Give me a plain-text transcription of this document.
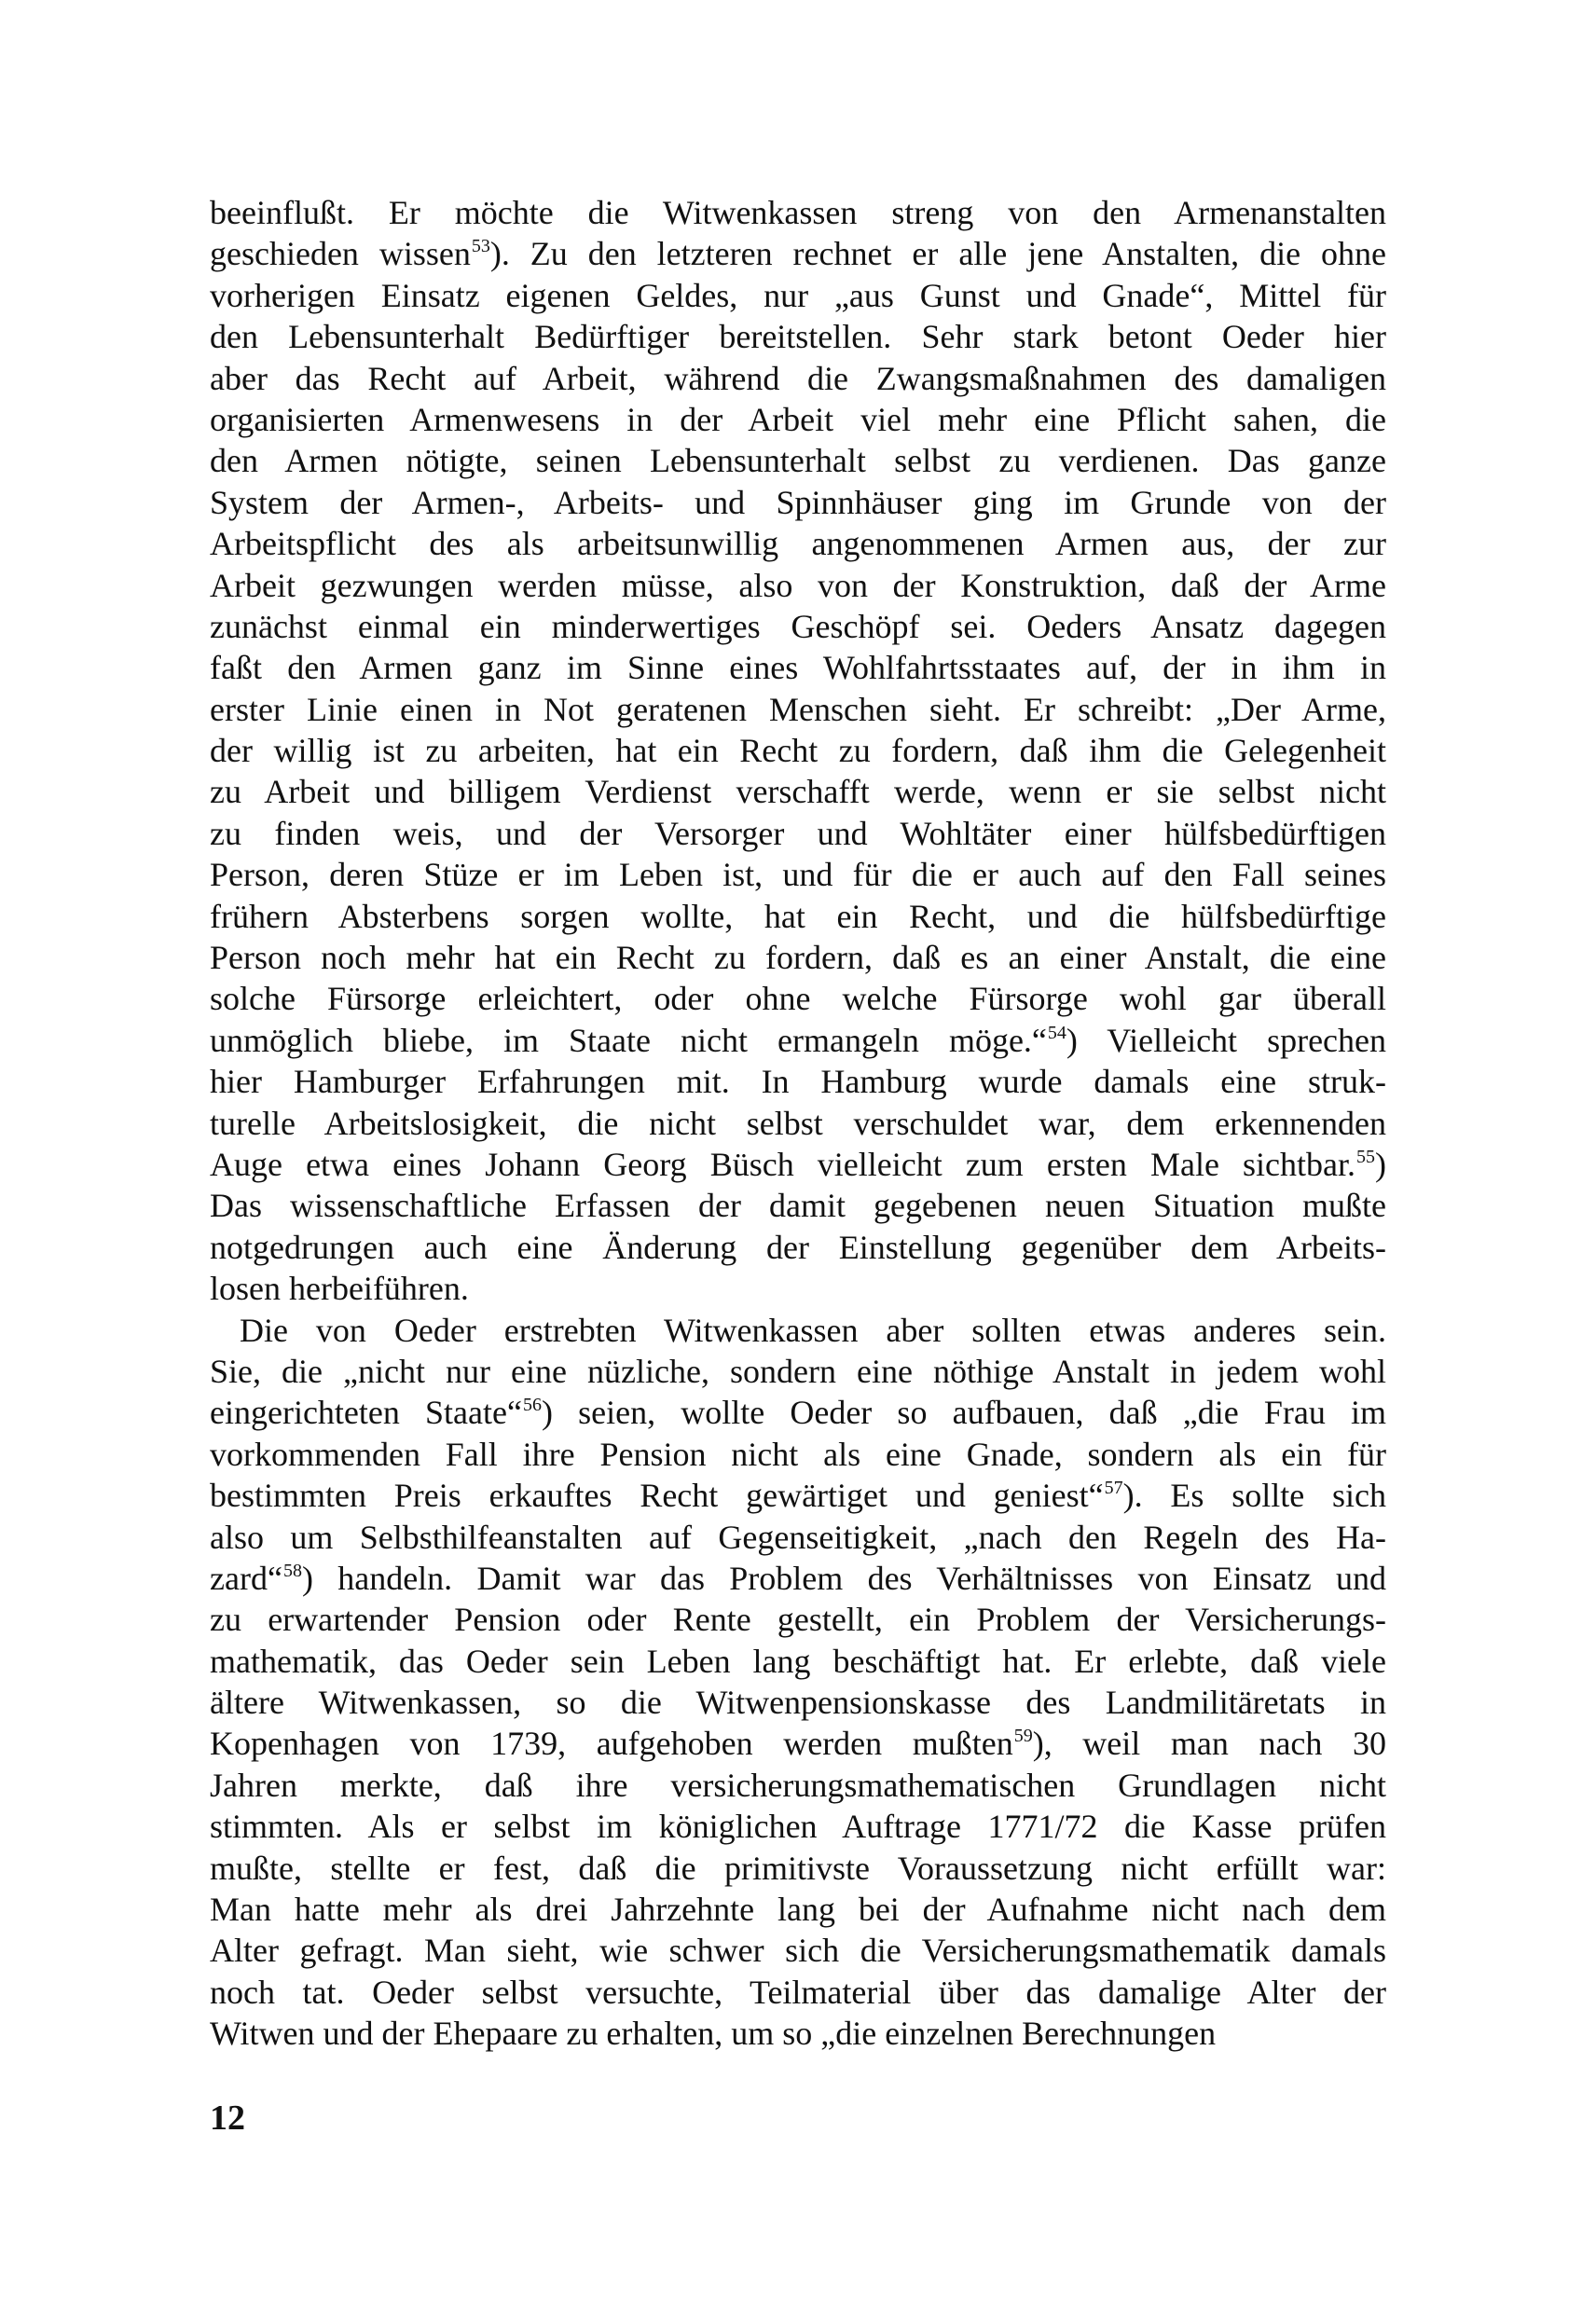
beeinflußt. Er möchte die Witwenkassen streng von den Armenanstalten
geschieden wissen$^{53}$). Zu den letzteren rechnet er alle jene Anstalten, die ohne
vorherigen Einsatz eigenen Geldes, nur „aus Gunst und Gnade“, Mittel für
den Lebensunterhalt Bedürftiger bereitstellen. Sehr stark betont Oeder hier
aber das Recht auf Arbeit, während die Zwangsmaßnahmen des damaligen
organisierten Armenwesens in der Arbeit viel mehr eine Pflicht sahen, die
den Armen nötigte, seinen Lebensunterhalt selbst zu verdienen. Das ganze
System der Armen-, Arbeits- und Spinnhäuser ging im Grunde von der
Arbeitspflicht des als arbeitsunwillig angenommenen Armen aus, der zur
Arbeit gezwungen werden müsse, also von der Konstruktion, daß der Arme
zunächst einmal ein minderwertiges Geschöpf sei. Oeders Ansatz dagegen
faßt den Armen ganz im Sinne eines Wohlfahrtsstaates auf, der in ihm in
erster Linie einen in Not geratenen Menschen sieht. Er schreibt: „Der Arme,
der willig ist zu arbeiten, hat ein Recht zu fordern, daß ihm die Gelegenheit
zu Arbeit und billigem Verdienst verschafft werde, wenn er sie selbst nicht
zu finden weis, und der Versorger und Wohltäter einer hülfsbedürftigen
Person, deren Stüze er im Leben ist, und für die er auch auf den Fall seines
frühern Absterbens sorgen wollte, hat ein Recht, und die hülfsbedürftige
Person noch mehr hat ein Recht zu fordern, daß es an einer Anstalt, die eine
solche Fürsorge erleichtert, oder ohne welche Fürsorge wohl gar überall
unmöglich bliebe, im Staate nicht ermangeln möge.“$^{54}$) Vielleicht sprechen
hier Hamburger Erfahrungen mit. In Hamburg wurde damals eine struk-
turelle Arbeitslosigkeit, die nicht selbst verschuldet war, dem erkennenden
Auge etwa eines Johann Georg Büsch vielleicht zum ersten Male sichtbar.$^{55}$)
Das wissenschaftliche Erfassen der damit gegebenen neuen Situation mußte
notgedrungen auch eine Änderung der Einstellung gegenüber dem Arbeits-
losen herbeiführen.
Die von Oeder erstrebten Witwenkassen aber sollten etwas anderes sein.
Sie, die „nicht nur eine nüzliche, sondern eine nöthige Anstalt in jedem wohl
eingerichteten Staate“$^{56}$) seien, wollte Oeder so aufbauen, daß „die Frau im
vorkommenden Fall ihre Pension nicht als eine Gnade, sondern als ein für
bestimmten Preis erkauftes Recht gewärtiget und geniest“$^{57}$). Es sollte sich
also um Selbsthilfeanstalten auf Gegenseitigkeit, „nach den Regeln des Ha-
zard“$^{58}$) handeln. Damit war das Problem des Verhältnisses von Einsatz und
zu erwartender Pension oder Rente gestellt, ein Problem der Versicherungs-
mathematik, das Oeder sein Leben lang beschäftigt hat. Er erlebte, daß viele
ältere Witwenkassen, so die Witwenpensionskasse des Landmilitäretats in
Kopenhagen von 1739, aufgehoben werden mußten$^{59}$), weil man nach 30
Jahren merkte, daß ihre versicherungsmathematischen Grundlagen nicht
stimmten. Als er selbst im königlichen Auftrage 1771/72 die Kasse prüfen
mußte, stellte er fest, daß die primitivste Voraussetzung nicht erfüllt war:
Man hatte mehr als drei Jahrzehnte lang bei der Aufnahme nicht nach dem
Alter gefragt. Man sieht, wie schwer sich die Versicherungsmathematik damals
noch tat. Oeder selbst versuchte, Teilmaterial über das damalige Alter der
Witwen und der Ehepaare zu erhalten, um so „die einzelnen Berechnungen
12
